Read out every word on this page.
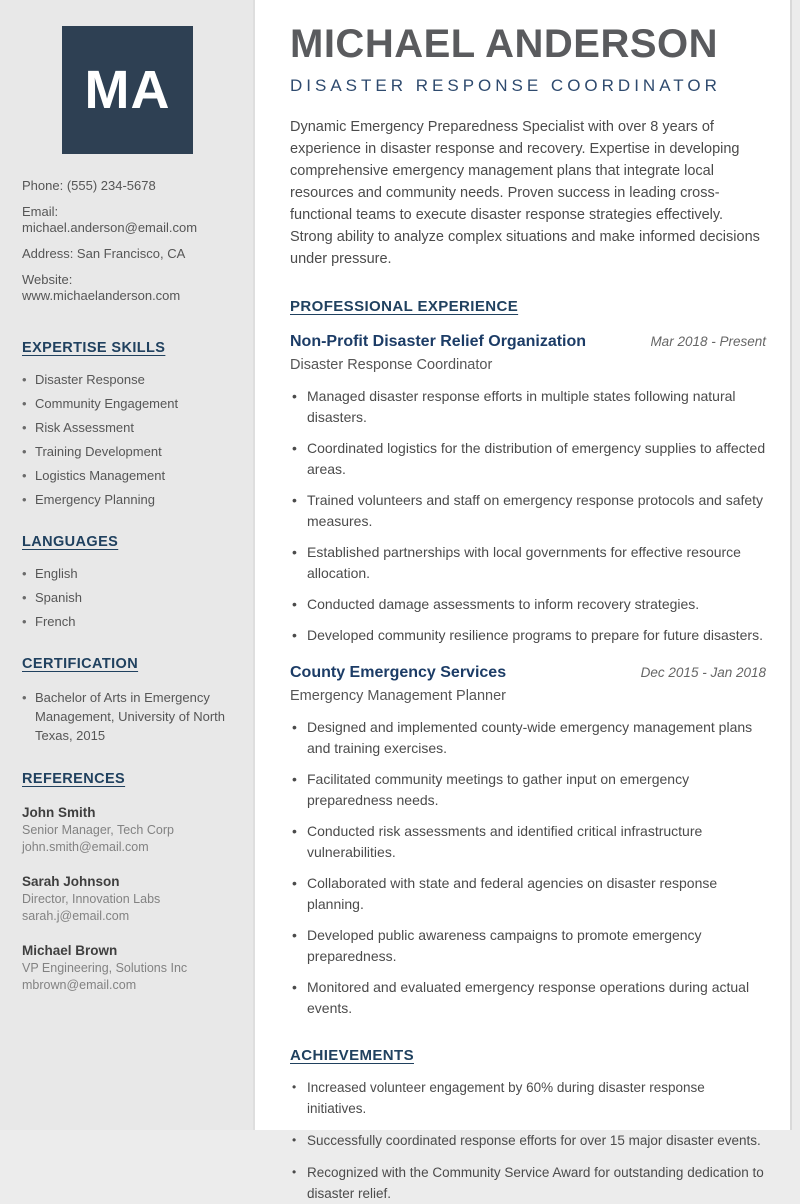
MA

Phone: (555) 234-5678

Email: michael.anderson@email.com

Address: San Francisco, CA

Website: www.michaelanderson.com

EXPERTISE SKILLS
• Disaster Response
• Community Engagement
• Risk Assessment
• Training Development
• Logistics Management
• Emergency Planning
LANGUAGES
• English
• Spanish
• French
CERTIFICATION
• Bachelor of Arts in Emergency Management, University of North Texas, 2015
REFERENCES
John Smith
Senior Manager, Tech Corp
john.smith@email.com
Sarah Johnson
Director, Innovation Labs
sarah.j@email.com
Michael Brown
VP Engineering, Solutions Inc
mbrown@email.com
MICHAEL ANDERSON
DISASTER RESPONSE COORDINATOR

Dynamic Emergency Preparedness Specialist with over 8 years of experience in disaster response and recovery. Expertise in developing comprehensive emergency management plans that integrate local resources and community needs. Proven success in leading cross-functional teams to execute disaster response strategies effectively. Strong ability to analyze complex situations and make informed decisions under pressure.

PROFESSIONAL EXPERIENCE
Non-Profit Disaster Relief Organization	Mar 2018 - Present
Disaster Response Coordinator
• Managed disaster response efforts in multiple states following natural disasters.
• Coordinated logistics for the distribution of emergency supplies to affected areas.
• Trained volunteers and staff on emergency response protocols and safety measures.
• Established partnerships with local governments for effective resource allocation.
• Conducted damage assessments to inform recovery strategies.
• Developed community resilience programs to prepare for future disasters.
County Emergency Services	Dec 2015 - Jan 2018
Emergency Management Planner
• Designed and implemented county-wide emergency management plans and training exercises.
• Facilitated community meetings to gather input on emergency preparedness needs.
• Conducted risk assessments and identified critical infrastructure vulnerabilities.
• Collaborated with state and federal agencies on disaster response planning.
• Developed public awareness campaigns to promote emergency preparedness.
• Monitored and evaluated emergency response operations during actual events.
ACHIEVEMENTS
• Increased volunteer engagement by 60% during disaster response initiatives.
• Successfully coordinated response efforts for over 15 major disaster events.
• Recognized with the Community Service Award for outstanding dedication to disaster relief.
